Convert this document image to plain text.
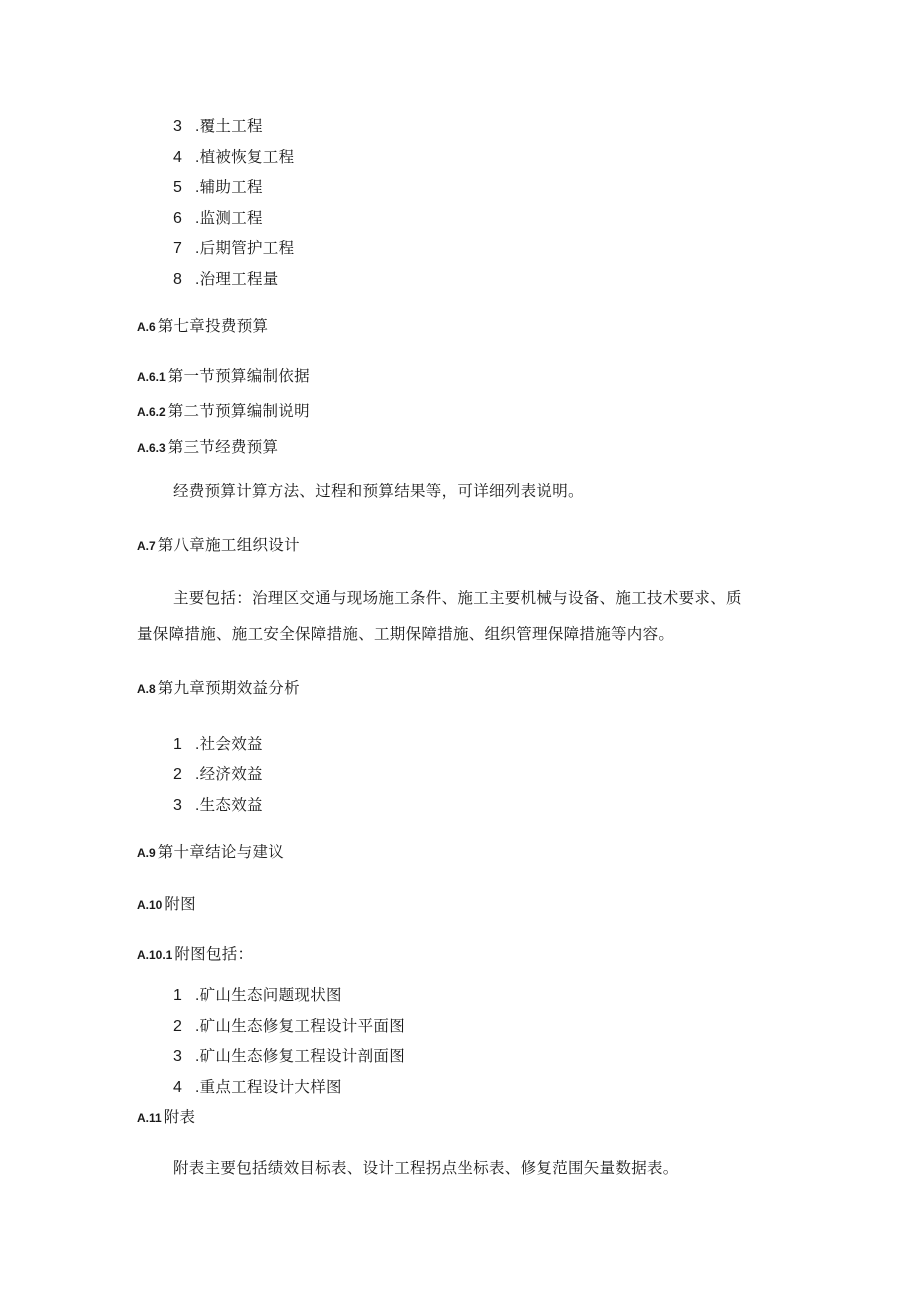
3 .覆土工程
4 .植被恢复工程
5 .辅助工程
6 .监测工程
7 .后期管护工程
8 .治理工程量
A.6 第七章投费预算
A.6.1 第一节预算编制依据
A.6.2 第二节预算编制说明
A.6.3 第三节经费预算
经费预算计算方法、过程和预算结果等，可详细列表说明。
A.7 第八章施工组织设计
主要包括：治理区交通与现场施工条件、施工主要机械与设备、施工技术要求、质
量保障措施、施工安全保障措施、工期保障措施、组织管理保障措施等内容。
A.8 第九章预期效益分析
1 .社会效益
2 .经济效益
3 .生态效益
A.9 第十章结论与建议
A.10 附图
A.10.1 附图包括：
1 .矿山生态问题现状图
2 .矿山生态修复工程设计平面图
3 .矿山生态修复工程设计剖面图
4 .重点工程设计大样图
A.11 附表
附表主要包括绩效目标表、设计工程拐点坐标表、修复范围矢量数据表。
